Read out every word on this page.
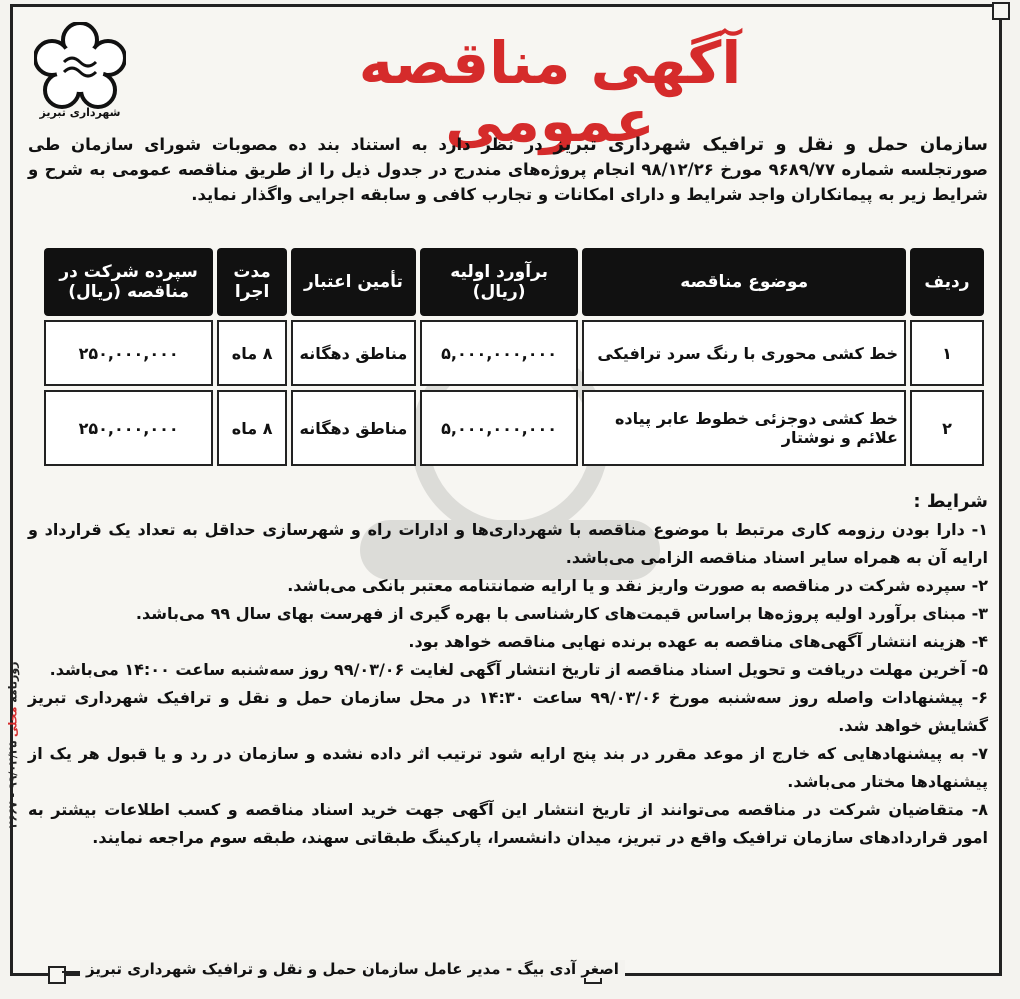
شهرداری تبریز
آگهی مناقصه عمومی
سازمان حمل و نقل و ترافیک شهرداری تبریز در نظر دارد به استناد بند ده مصوبات شورای سازمان طی صورتجلسه شماره ۹۶۸۹/۷۷ مورخ ۹۸/۱۲/۲۶ انجام پروژه‌های مندرج در جدول ذیل را از طریق مناقصه عمومی به شرح و شرایط زیر به پیمانکاران واجد شرایط و دارای امکانات و تجارب کافی و سابقه اجرایی واگذار نماید.
ردیف	موضوع مناقصه	برآورد اولیه (ریال)	تأمین اعتبار	مدت اجرا	سپرده شرکت در مناقصه (ریال)
۱	خط کشی محوری با رنگ سرد ترافیکی	۵,۰۰۰,۰۰۰,۰۰۰	مناطق دهگانه	۸ ماه	۲۵۰,۰۰۰,۰۰۰
۲	خط کشی دوجزئی خطوط عابر پیاده علائم و نوشتار	۵,۰۰۰,۰۰۰,۰۰۰	مناطق دهگانه	۸ ماه	۲۵۰,۰۰۰,۰۰۰

شرایط :

۱- دارا بودن رزومه کاری مرتبط با موضوع مناقصه با شهرداری‌ها و ادارات راه و شهرسازی حداقل به تعداد یک قرارداد و ارایه آن به همراه سایر اسناد مناقصه الزامی می‌باشد.

۲- سپرده شرکت در مناقصه به صورت واریز نقد و یا ارایه ضمانتنامه معتبر بانکی می‌باشد.

۳- مبنای برآورد اولیه پروژه‌ها براساس قیمت‌های کارشناسی با بهره گیری از فهرست بهای سال ۹۹ می‌باشد.

۴- هزینه انتشار آگهی‌های مناقصه به عهده برنده نهایی مناقصه خواهد بود.

۵- آخرین مهلت دریافت و تحویل اسناد مناقصه از تاریخ انتشار آگهی لغایت ۹۹/۰۳/۰۶ روز سه‌شنبه ساعت ۱۴:۰۰ می‌باشد.

۶- پیشنهادات واصله روز سه‌شنبه مورخ ۹۹/۰۳/۰۶ ساعت ۱۴:۳۰ در محل سازمان حمل و نقل و ترافیک شهرداری تبریز گشایش خواهد شد.

۷- به پیشنهادهایی که خارج از موعد مقرر در بند پنج ارایه شود ترتیب اثر داده نشده و سازمان در رد و یا قبول هر یک از پیشنهادها مختار می‌باشد.

۸- متقاضیان شرکت در مناقصه می‌توانند از تاریخ انتشار این آگهی جهت خرید اسناد مناقصه و کسب اطلاعات بیشتر به امور قراردادهای سازمان ترافیک واقع در تبریز، میدان دانشسرا، پارکینگ طبقاتی سهند، طبقه سوم مراجعه نمایند.

اصغر آدی بیگ - مدیر عامل سازمان حمل و نقل و ترافیک شهرداری تبریز
روزنامه محلی ۹۹/۰۲/۲۵ - ۲۶۶۷
